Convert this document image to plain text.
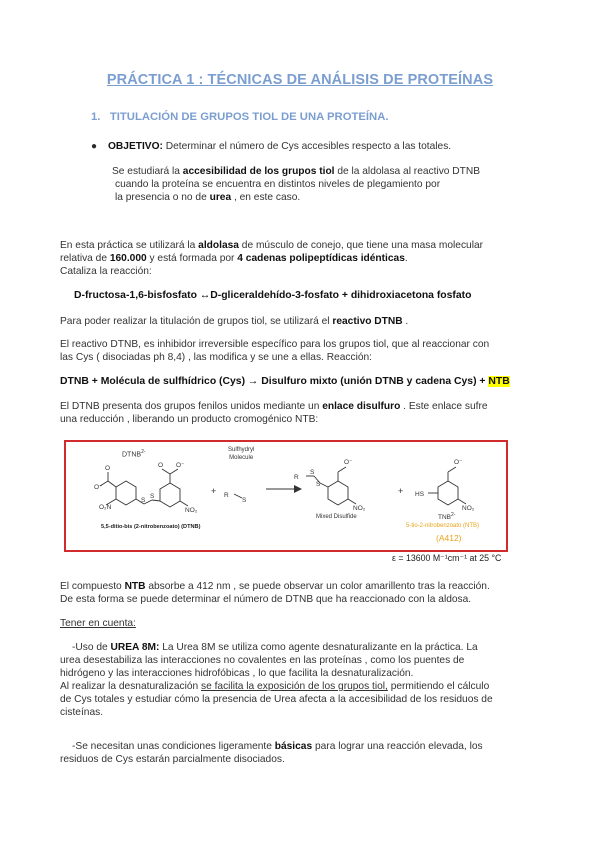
PRÁCTICA 1 : TÉCNICAS DE ANÁLISIS DE PROTEÍNAS
1. TITULACIÓN DE GRUPOS TIOL DE UNA PROTEÍNA.
● OBJETIVO: Determinar el número de Cys accesibles respecto a las totales.
Se estudiará la accesibilidad de los grupos tiol de la aldolasa al reactivo DTNB
cuando la proteína se encuentra en distintos niveles de plegamiento por
la presencia o no de urea , en este caso.
En esta práctica se utilizará la aldolasa de músculo de conejo, que tiene una masa molecular
relativa de 160.000 y está formada por 4 cadenas polipeptídicas idénticas.
Cataliza la reacción:
D-fructosa-1,6-bisfosfato ↔D-gliceraldehído-3-fosfato + dihidroxiacetona fosfato
Para poder realizar la titulación de grupos tiol, se utilizará el reactivo DTNB .
El reactivo DTNB, es inhibidor irreversible específico para los grupos tiol, que al reaccionar con
las Cys ( disociadas ph 8,4) , las modifica y se une a ellas. Reacción:
DTNB + Molécula de sulfhídrico (Cys) → Disulfuro mixto (unión DTNB y cadena Cys) + NTB
El DTNB presenta dos grupos fenilos unidos mediante un enlace disulfuro . Este enlace sufre
una reducción , liberando un producto cromogénico NTB:
O
O⁻
O₂N
S
S
O⁻
O
NO₂
R
S
R
S
S
O⁻
NO₂
HS
O⁻
NO₂
+	+
$DTNB^{2-}$
5,5-ditio-bis (2-nitrobenzoato) (DTNB)
Sulfhydryl
Molecule
Mixed Disulfide	$TNB^{2-}$
5-tio-2-nitrobenzoato (NTB)
(A412)
ε = 13600 M⁻¹cm⁻¹ at 25 °C
El compuesto NTB absorbe a 412 nm , se puede observar un color amarillento tras la reacción.
De esta forma se puede determinar el número de DTNB que ha reaccionado con la aldosa.
Tener en cuenta:
-Uso de UREA 8M: La Urea 8M se utiliza como agente desnaturalizante en la práctica. La
urea desestabiliza las interacciones no covalentes en las proteínas , como los puentes de
hidrógeno y las interacciones hidrofóbicas , lo que facilita la desnaturalización.
Al realizar la desnaturalización se facilita la exposición de los grupos tiol, permitiendo el cálculo
de Cys totales y estudiar cómo la presencia de Urea afecta a la accesibilidad de los residuos de
cisteínas.
-Se necesitan unas condiciones ligeramente básicas para lograr una reacción elevada, los
residuos de Cys estarán parcialmente disociados.
